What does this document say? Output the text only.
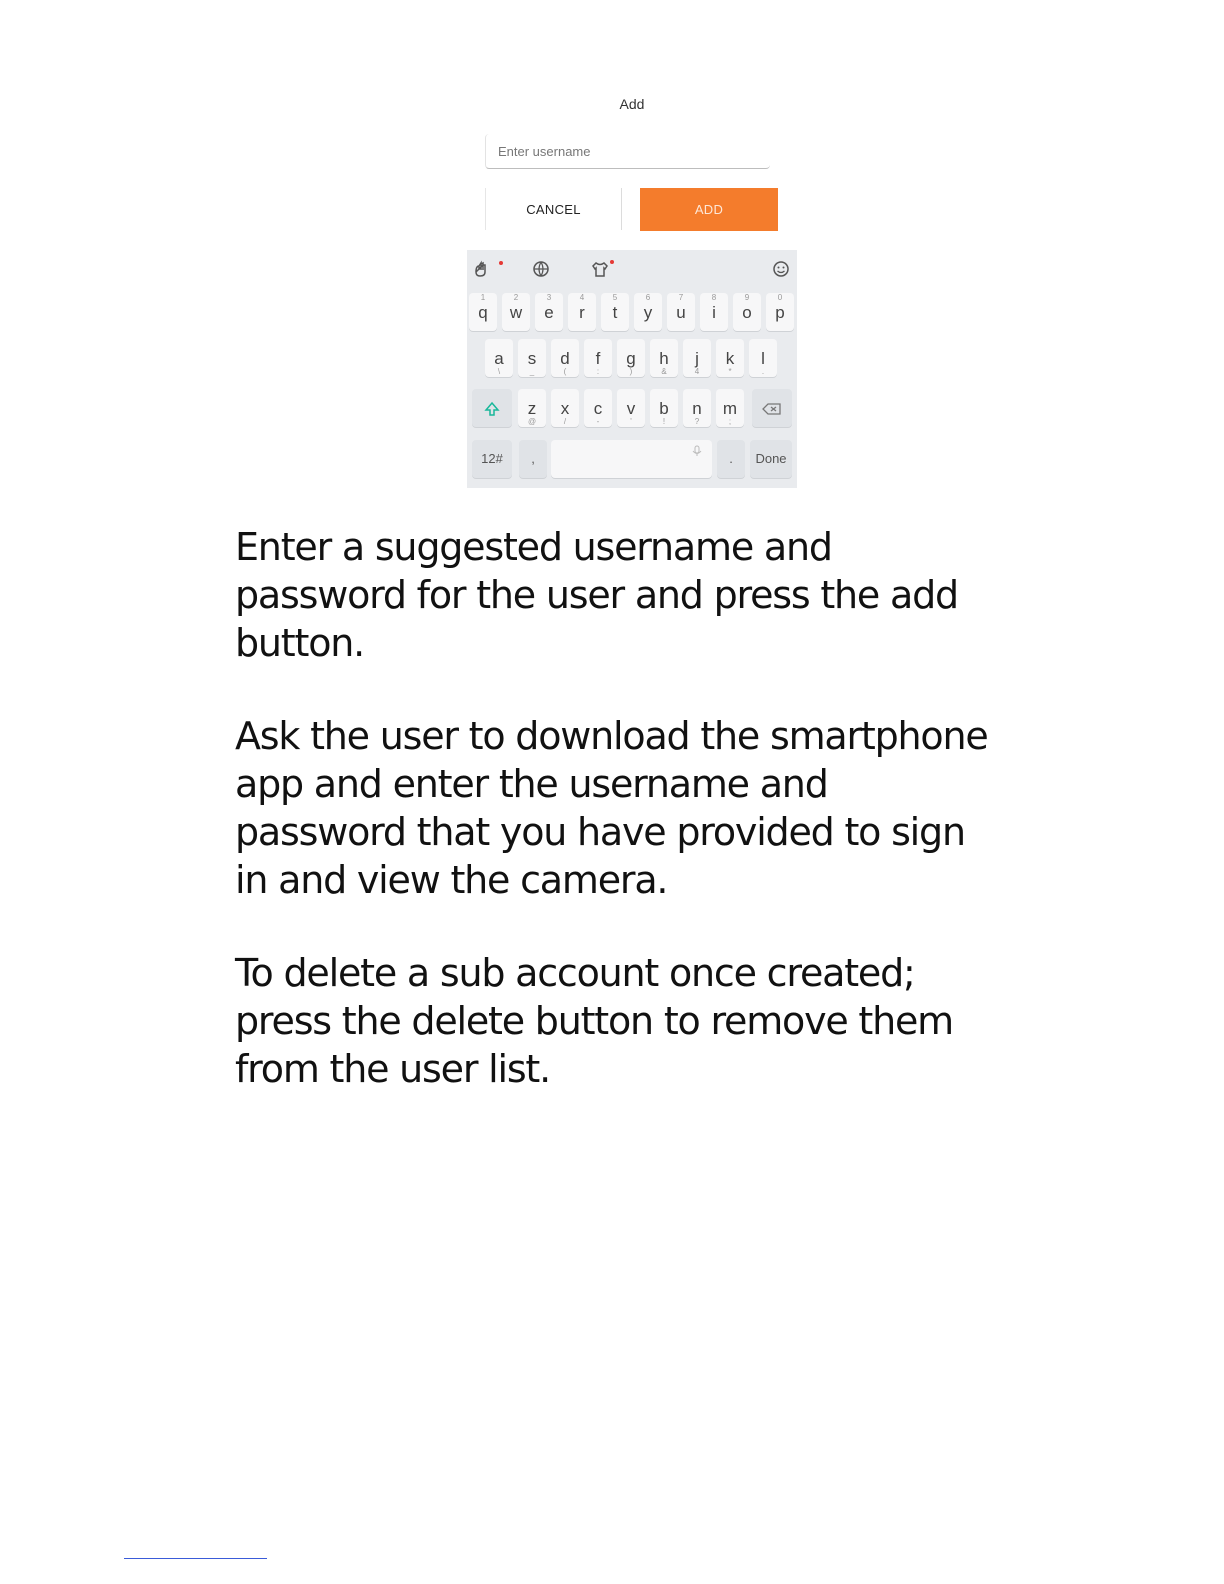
Add
Enter username
CANCEL	ADD
1
q
2
w
3
e
4
r
5
t
6
y
7
u
8
i
9
o
0
p
\
a
_
s
(
d
:
f
)
g
&
h
4
j
*
k
.
l
@
z
/
x
-
c
'
v
!
b
?
n
;
m
12#	,	.	Done

Enter a suggested username and password for the user and press the add button.

Ask the user to download the smartphone app and enter the username and password that you have provided to sign in and view the camera.

To delete a sub account once created; press the delete button to remove them from the user list.
